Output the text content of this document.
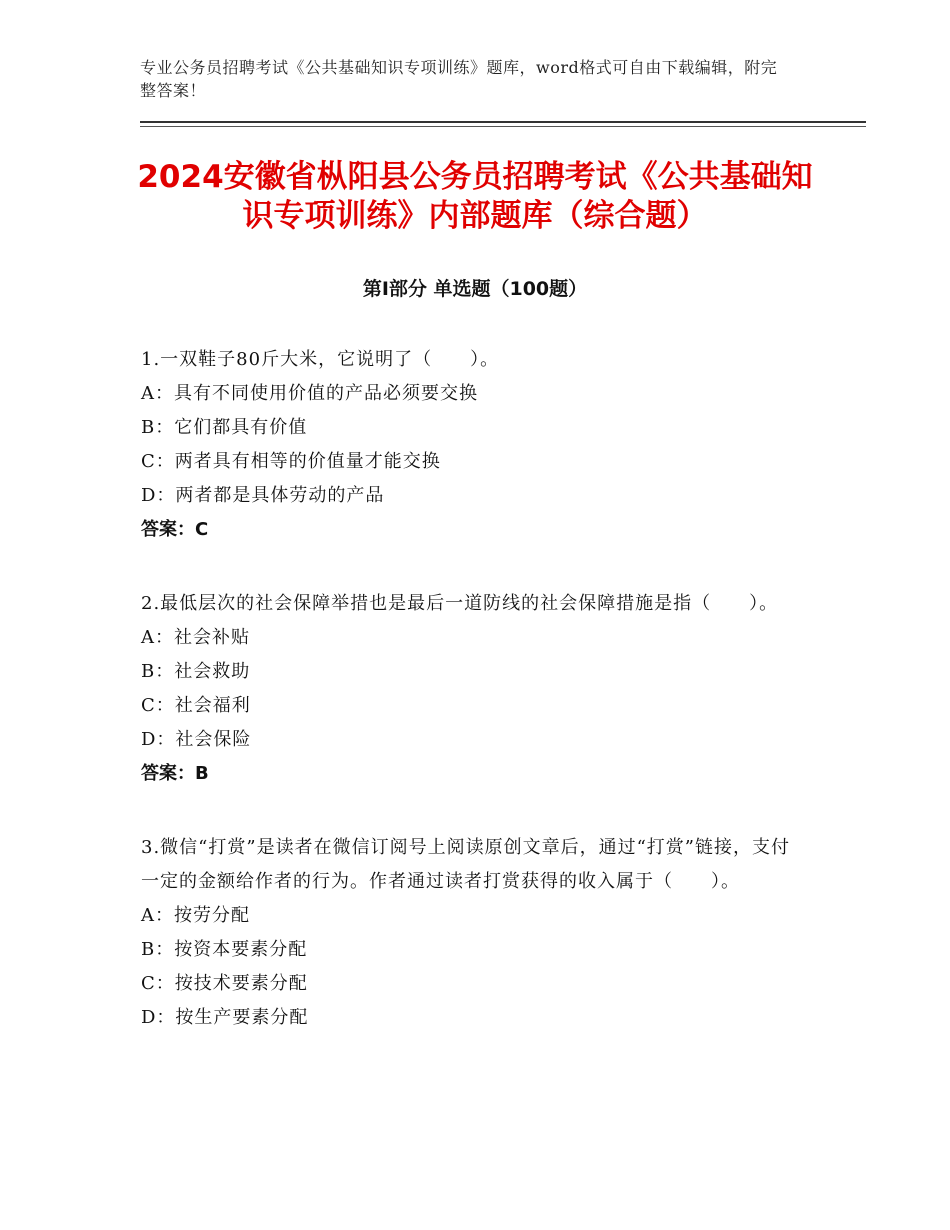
专业公务员招聘考试《公共基础知识专项训练》题库，word格式可自由下载编辑，附完整答案！
2024安徽省枞阳县公务员招聘考试《公共基础知识专项训练》内部题库（综合题）
第Ⅰ部分 单选题（100题）
1.一双鞋子80斤大米，它说明了（　　）。
A：具有不同使用价值的产品必须要交换
B：它们都具有价值
C：两者具有相等的价值量才能交换
D：两者都是具体劳动的产品
答案：C
2.最低层次的社会保障举措也是最后一道防线的社会保障措施是指（　　）。
A：社会补贴
B：社会救助
C：社会福利
D：社会保险
答案：B
3.微信“打赏”是读者在微信订阅号上阅读原创文章后，通过“打赏”链接，支付一定的金额给作者的行为。作者通过读者打赏获得的收入属于（　　）。
A：按劳分配
B：按资本要素分配
C：按技术要素分配
D：按生产要素分配
